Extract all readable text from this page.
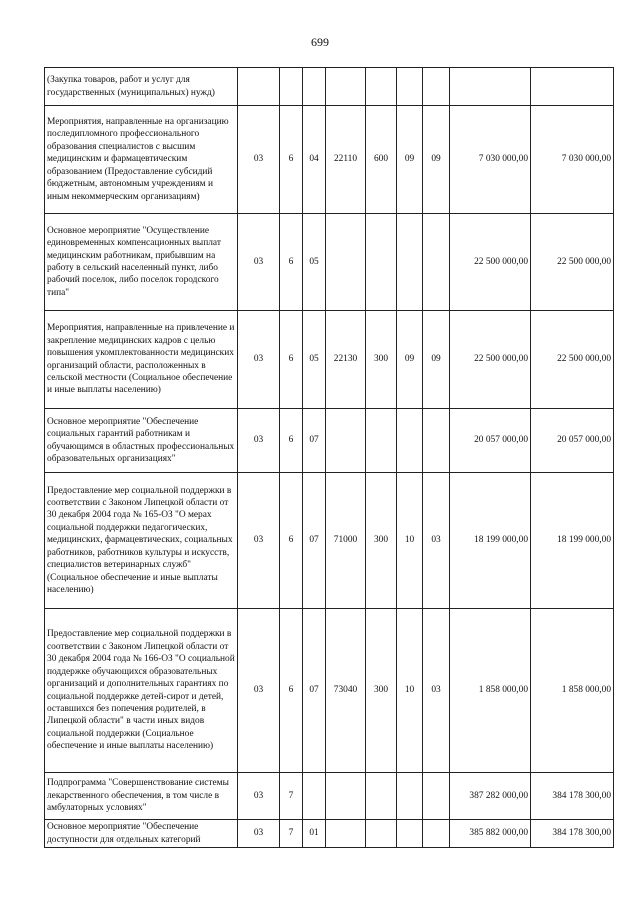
699
(Закупка товаров, работ и услуг для государственных (муниципальных) нужд)									
Мероприятия, направленные на организацию последипломного профессионального образования специалистов с высшим медицинским и фармацевтическим образованием (Предоставление субсидий бюджетным, автономным учреждениям и иным некоммерческим организациям)	03	6	04	22110	600	09	09	7 030 000,00	7 030 000,00
Основное мероприятие "Осуществление единовременных компенсационных выплат медицинским работникам, прибывшим на работу в сельский населенный пункт, либо рабочий поселок, либо поселок городского типа"	03	6	05					22 500 000,00	22 500 000,00
Мероприятия, направленные на привлечение и закрепление медицинских кадров с целью повышения укомплектованности медицинских организаций области, расположенных в сельской местности (Социальное обеспечение и иные выплаты населению)	03	6	05	22130	300	09	09	22 500 000,00	22 500 000,00
Основное мероприятие "Обеспечение социальных гарантий работникам и обучающимся в областных профессиональных образовательных организациях"	03	6	07					20 057 000,00	20 057 000,00
Предоставление мер социальной поддержки в соответствии с Законом Липецкой области от 30 декабря 2004 года № 165-ОЗ "О мерах социальной поддержки педагогических, медицинских, фармацевтических, социальных работников, работников культуры и искусств, специалистов ветеринарных служб" (Социальное обеспечение и иные выплаты населению)	03	6	07	71000	300	10	03	18 199 000,00	18 199 000,00
Предоставление мер социальной поддержки в соответствии с Законом Липецкой области от 30 декабря 2004 года № 166-ОЗ "О социальной поддержке обучающихся образовательных организаций и дополнительных гарантиях по социальной поддержке детей-сирот и детей, оставшихся без попечения родителей, в Липецкой области" в части иных видов социальной поддержки (Социальное обеспечение и иные выплаты населению)	03	6	07	73040	300	10	03	1 858 000,00	1 858 000,00
Подпрограмма "Совершенствование системы лекарственного обеспечения, в том числе в амбулаторных условиях"	03	7						387 282 000,00	384 178 300,00
Основное мероприятие "Обеспечение доступности для отдельных категорий	03	7	01					385 882 000,00	384 178 300,00
